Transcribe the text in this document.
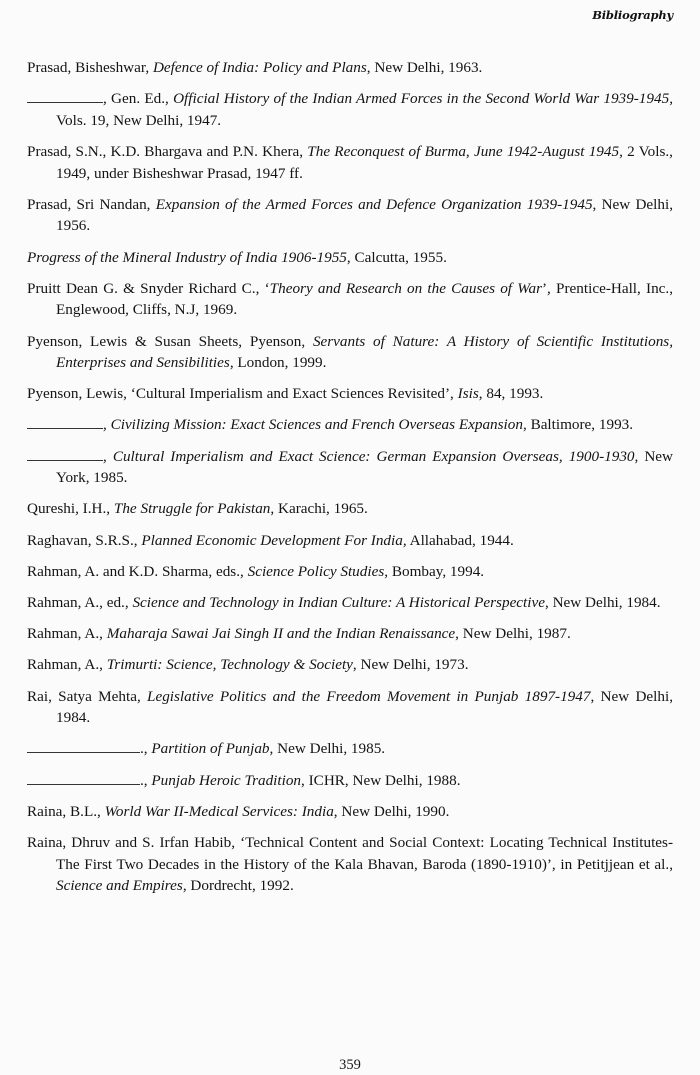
Bibliography

Prasad, Bisheshwar, Defence of India: Policy and Plans, New Delhi, 1963.

, Gen. Ed., Official History of the Indian Armed Forces in the Second World War 1939-1945, Vols. 19, New Delhi, 1947.

Prasad, S.N., K.D. Bhargava and P.N. Khera, The Reconquest of Burma, June 1942-August 1945, 2 Vols., 1949, under Bisheshwar Prasad, 1947 ff.

Prasad, Sri Nandan, Expansion of the Armed Forces and Defence Organization 1939-1945, New Delhi, 1956.

Progress of the Mineral Industry of India 1906-1955, Calcutta, 1955.

Pruitt Dean G. & Snyder Richard C., ‘Theory and Research on the Causes of War’, Prentice-Hall, Inc., Englewood, Cliffs, N.J, 1969.

Pyenson, Lewis & Susan Sheets, Pyenson, Servants of Nature: A History of Scientific Institutions, Enterprises and Sensibilities, London, 1999.

Pyenson, Lewis, ‘Cultural Imperialism and Exact Sciences Revisited’, Isis, 84, 1993.

, Civilizing Mission: Exact Sciences and French Overseas Expansion, Baltimore, 1993.

, Cultural Imperialism and Exact Science: German Expansion Overseas, 1900-1930, New York, 1985.

Qureshi, I.H., The Struggle for Pakistan, Karachi, 1965.

Raghavan, S.R.S., Planned Economic Development For India, Allahabad, 1944.

Rahman, A. and K.D. Sharma, eds., Science Policy Studies, Bombay, 1994.

Rahman, A., ed., Science and Technology in Indian Culture: A Historical Perspective, New Delhi, 1984.

Rahman, A., Maharaja Sawai Jai Singh II and the Indian Renaissance, New Delhi, 1987.

Rahman, A., Trimurti: Science, Technology & Society, New Delhi, 1973.

Rai, Satya Mehta, Legislative Politics and the Freedom Movement in Punjab 1897-1947, New Delhi, 1984.

., Partition of Punjab, New Delhi, 1985.

., Punjab Heroic Tradition, ICHR, New Delhi, 1988.

Raina, B.L., World War II-Medical Services: India, New Delhi, 1990.

Raina, Dhruv and S. Irfan Habib, ‘Technical Content and Social Context: Locating Technical Institutes-The First Two Decades in the History of the Kala Bhavan, Baroda (1890-1910)’, in Petitjjean et al., Science and Empires, Dordrecht, 1992.

359
